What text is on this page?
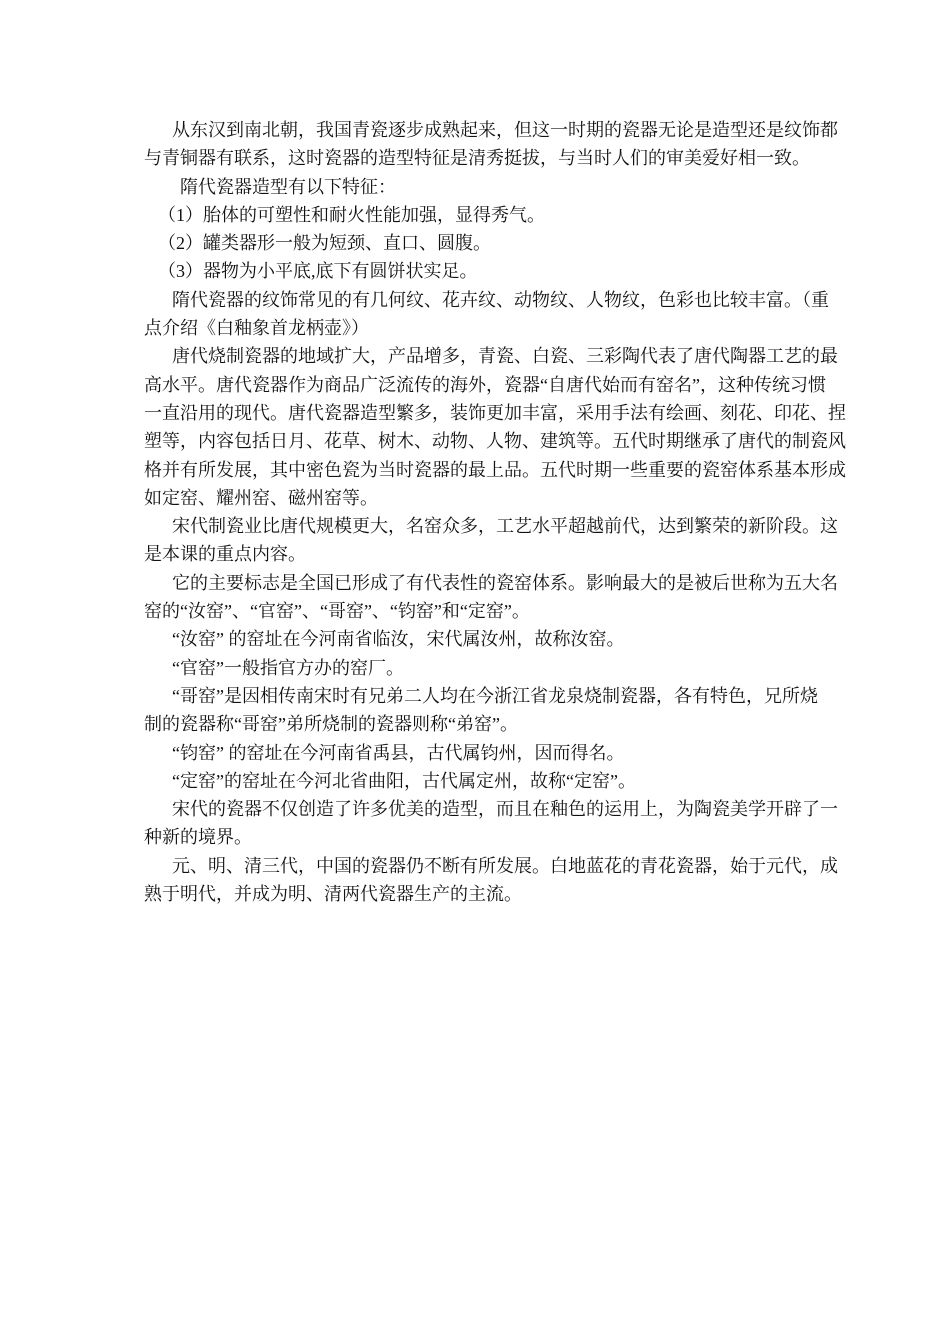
从东汉到南北朝，我国青瓷逐步成熟起来，但这一时期的瓷器无论是造型还是纹饰都
与青铜器有联系，这时瓷器的造型特征是清秀挺拔，与当时人们的审美爱好相一致。
隋代瓷器造型有以下特征：
（1）胎体的可塑性和耐火性能加强，显得秀气。
（2）罐类器形一般为短颈、直口、圆腹。
（3）器物为小平底,底下有圆饼状实足。
隋代瓷器的纹饰常见的有几何纹、花卉纹、动物纹、人物纹，色彩也比较丰富。（重
点介绍《白釉象首龙柄壶》）
唐代烧制瓷器的地域扩大，产品增多，青瓷、白瓷、三彩陶代表了唐代陶器工艺的最
高水平。唐代瓷器作为商品广泛流传的海外，瓷器“自唐代始而有窑名”，这种传统习惯
一直沿用的现代。唐代瓷器造型繁多，装饰更加丰富，采用手法有绘画、刻花、印花、捏
塑等，内容包括日月、花草、树木、动物、人物、建筑等。五代时期继承了唐代的制瓷风
格并有所发展，其中密色瓷为当时瓷器的最上品。五代时期一些重要的瓷窑体系基本形成
如定窑、耀州窑、磁州窑等。
宋代制瓷业比唐代规模更大，名窑众多，工艺水平超越前代，达到繁荣的新阶段。这
是本课的重点内容。
它的主要标志是全国已形成了有代表性的瓷窑体系。影响最大的是被后世称为五大名
窑的“汝窑”、“官窑”、“哥窑”、“钧窑”和“定窑”。
“汝窑” 的窑址在今河南省临汝，宋代属汝州，故称汝窑。
“官窑”一般指官方办的窑厂。
“哥窑”是因相传南宋时有兄弟二人均在今浙江省龙泉烧制瓷器，各有特色，兄所烧
制的瓷器称“哥窑”弟所烧制的瓷器则称“弟窑”。
“钧窑” 的窑址在今河南省禹县，古代属钧州，因而得名。
“定窑”的窑址在今河北省曲阳，古代属定州，故称“定窑”。
宋代的瓷器不仅创造了许多优美的造型，而且在釉色的运用上，为陶瓷美学开辟了一
种新的境界。
元、明、清三代，中国的瓷器仍不断有所发展。白地蓝花的青花瓷器，始于元代，成
熟于明代，并成为明、清两代瓷器生产的主流。
